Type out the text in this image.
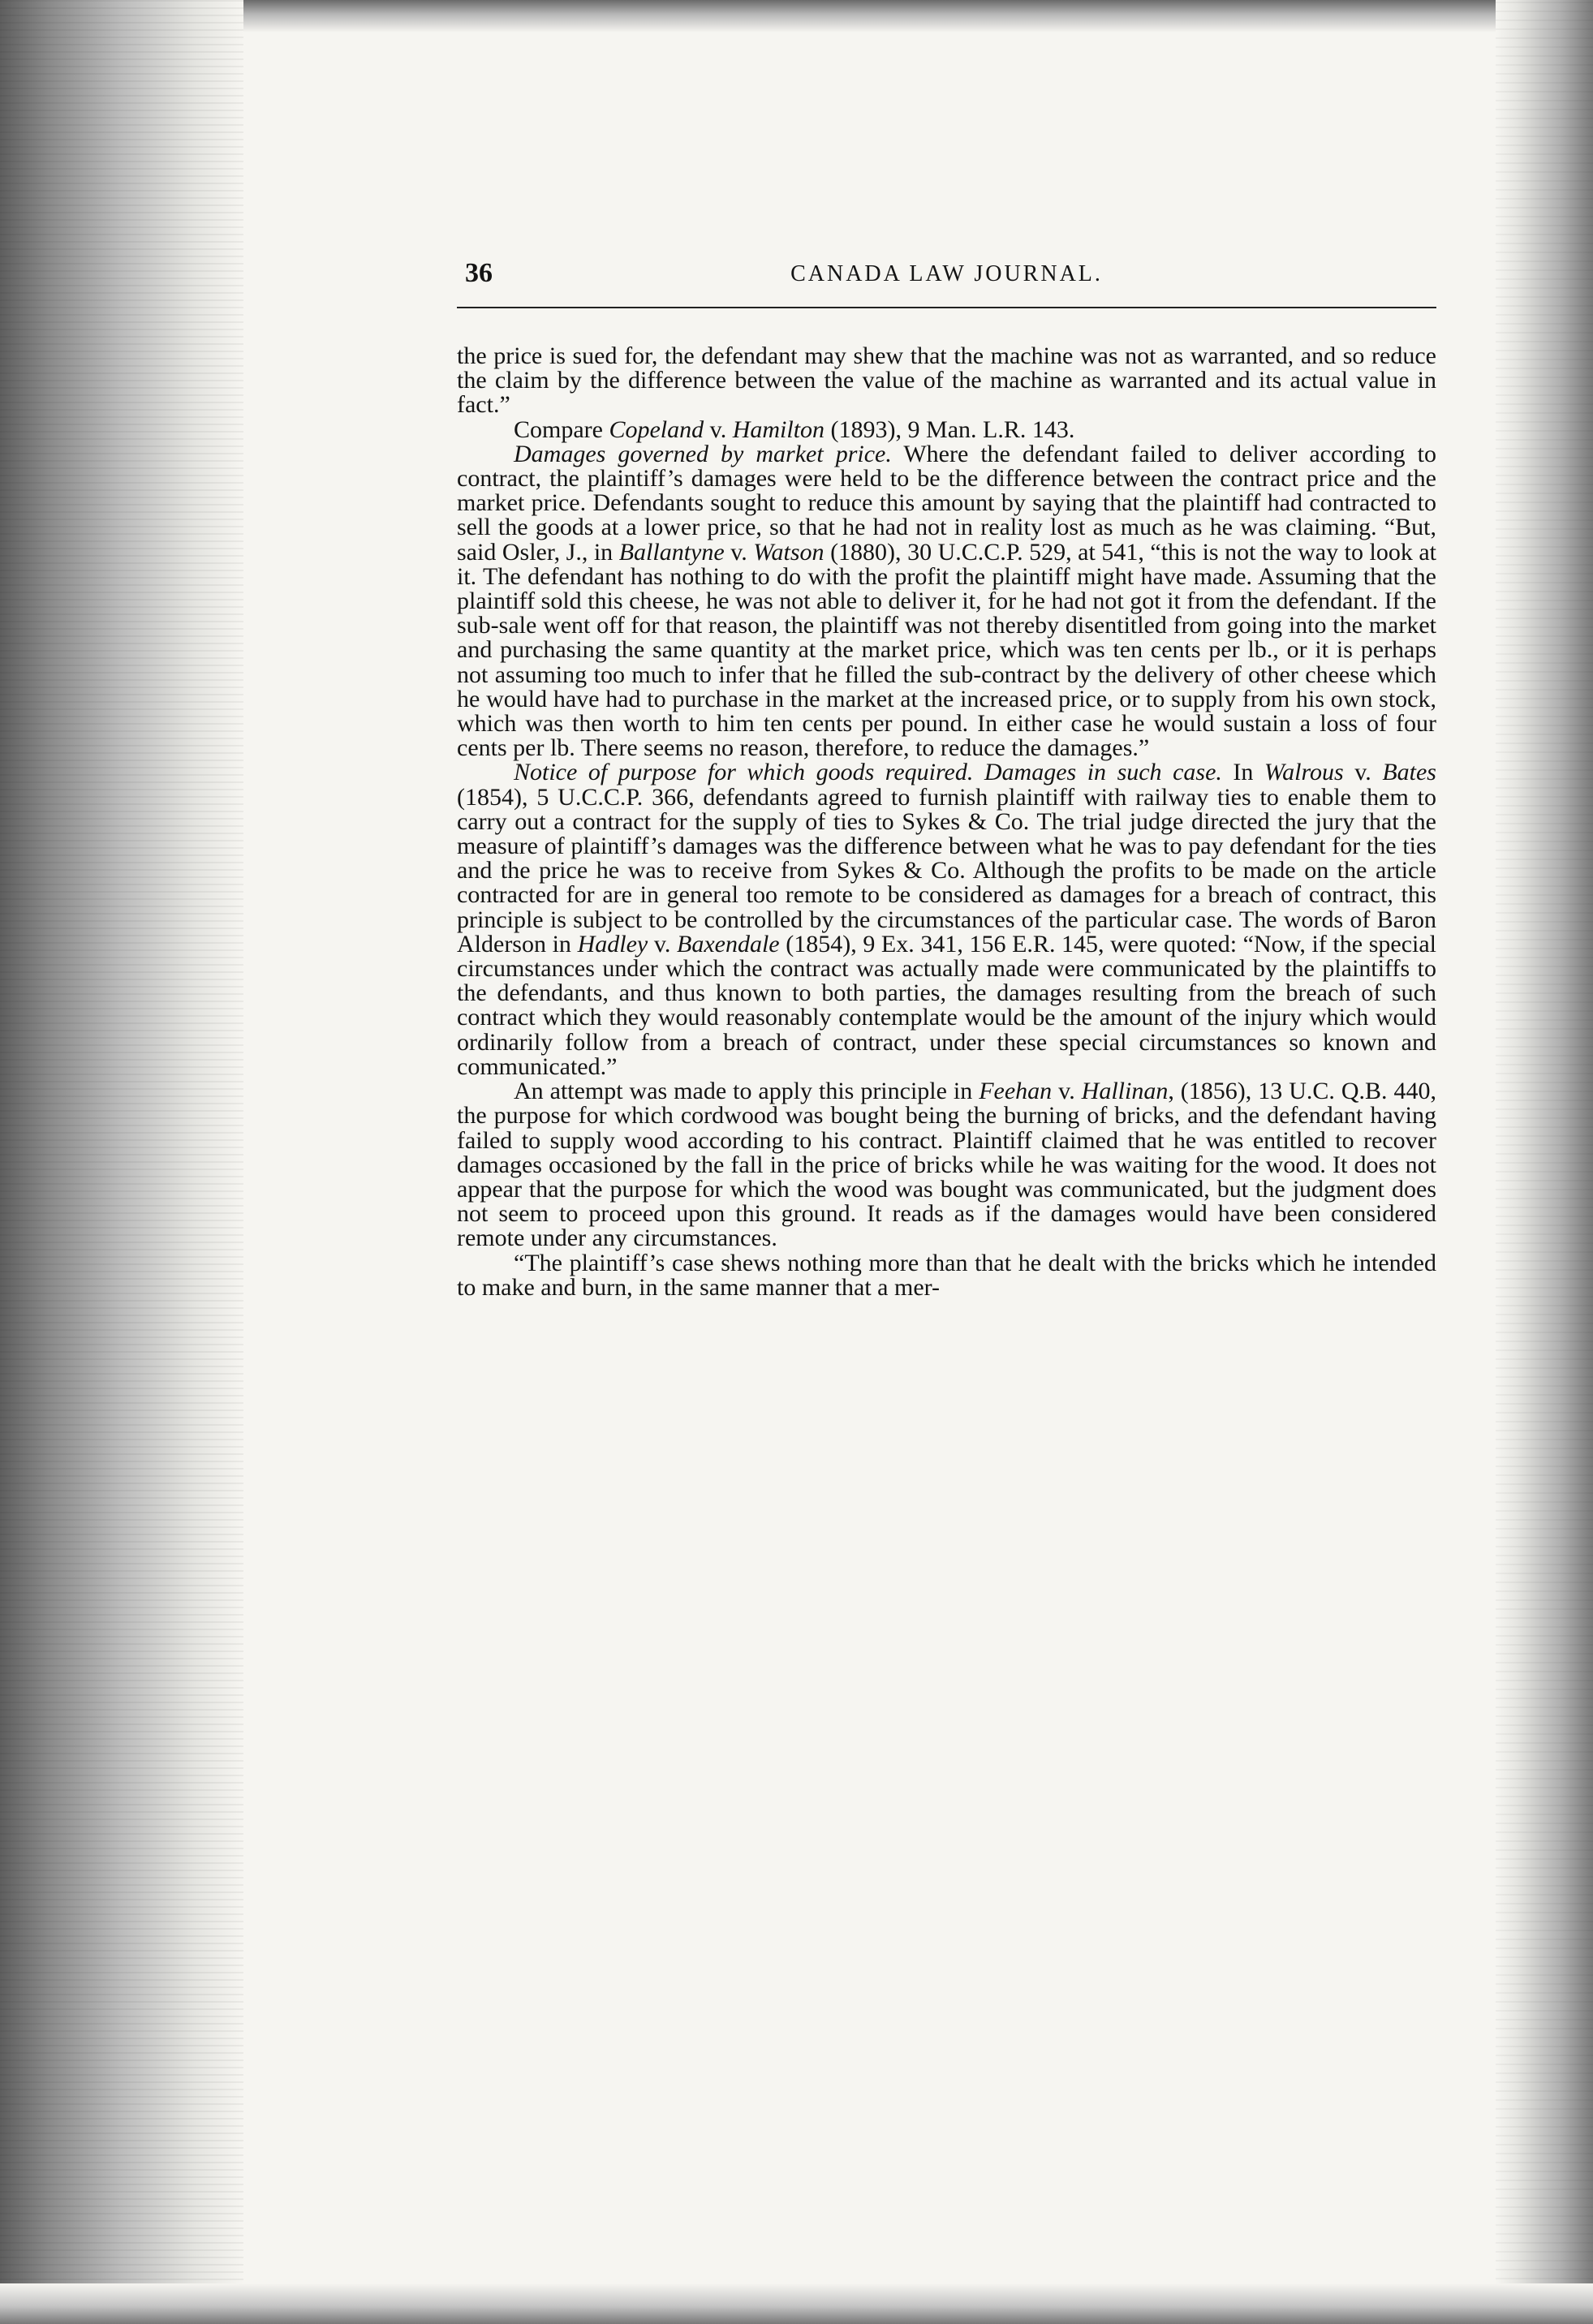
36	CANADA LAW JOURNAL.

the price is sued for, the defendant may shew that the machine was not as warranted, and so reduce the claim by the difference between the value of the machine as warranted and its actual value in fact.”

Compare Copeland v. Hamilton (1893), 9 Man. L.R. 143.

Damages governed by market price. Where the defendant failed to deliver according to contract, the plaintiff’s damages were held to be the difference between the contract price and the market price. Defendants sought to reduce this amount by saying that the plaintiff had contracted to sell the goods at a lower price, so that he had not in reality lost as much as he was claiming. “But, said Osler, J., in Ballantyne v. Watson (1880), 30 U.C.C.P. 529, at 541, “this is not the way to look at it. The defendant has nothing to do with the profit the plaintiff might have made. Assuming that the plaintiff sold this cheese, he was not able to deliver it, for he had not got it from the defendant. If the sub-sale went off for that reason, the plaintiff was not thereby disentitled from going into the market and purchasing the same quantity at the market price, which was ten cents per lb., or it is perhaps not assuming too much to infer that he filled the sub-contract by the delivery of other cheese which he would have had to purchase in the market at the increased price, or to supply from his own stock, which was then worth to him ten cents per pound. In either case he would sustain a loss of four cents per lb. There seems no reason, therefore, to reduce the damages.”

Notice of purpose for which goods required. Damages in such case. In Walrous v. Bates (1854), 5 U.C.C.P. 366, defendants agreed to furnish plaintiff with railway ties to enable them to carry out a contract for the supply of ties to Sykes & Co. The trial judge directed the jury that the measure of plaintiff’s damages was the difference between what he was to pay defendant for the ties and the price he was to receive from Sykes & Co. Although the profits to be made on the article contracted for are in general too remote to be considered as damages for a breach of contract, this principle is subject to be controlled by the circumstances of the particular case. The words of Baron Alderson in Hadley v. Baxendale (1854), 9 Ex. 341, 156 E.R. 145, were quoted: “Now, if the special circumstances under which the contract was actually made were communicated by the plaintiffs to the defendants, and thus known to both parties, the damages resulting from the breach of such contract which they would reasonably contemplate would be the amount of the injury which would ordinarily follow from a breach of contract, under these special circumstances so known and communicated.”

An attempt was made to apply this principle in Feehan v. Hallinan, (1856), 13 U.C. Q.B. 440, the purpose for which cordwood was bought being the burning of bricks, and the defendant having failed to supply wood according to his contract. Plaintiff claimed that he was entitled to recover damages occasioned by the fall in the price of bricks while he was waiting for the wood. It does not appear that the purpose for which the wood was bought was communicated, but the judgment does not seem to proceed upon this ground. It reads as if the damages would have been considered remote under any circumstances.

“The plaintiff’s case shews nothing more than that he dealt with the bricks which he intended to make and burn, in the same manner that a mer-
